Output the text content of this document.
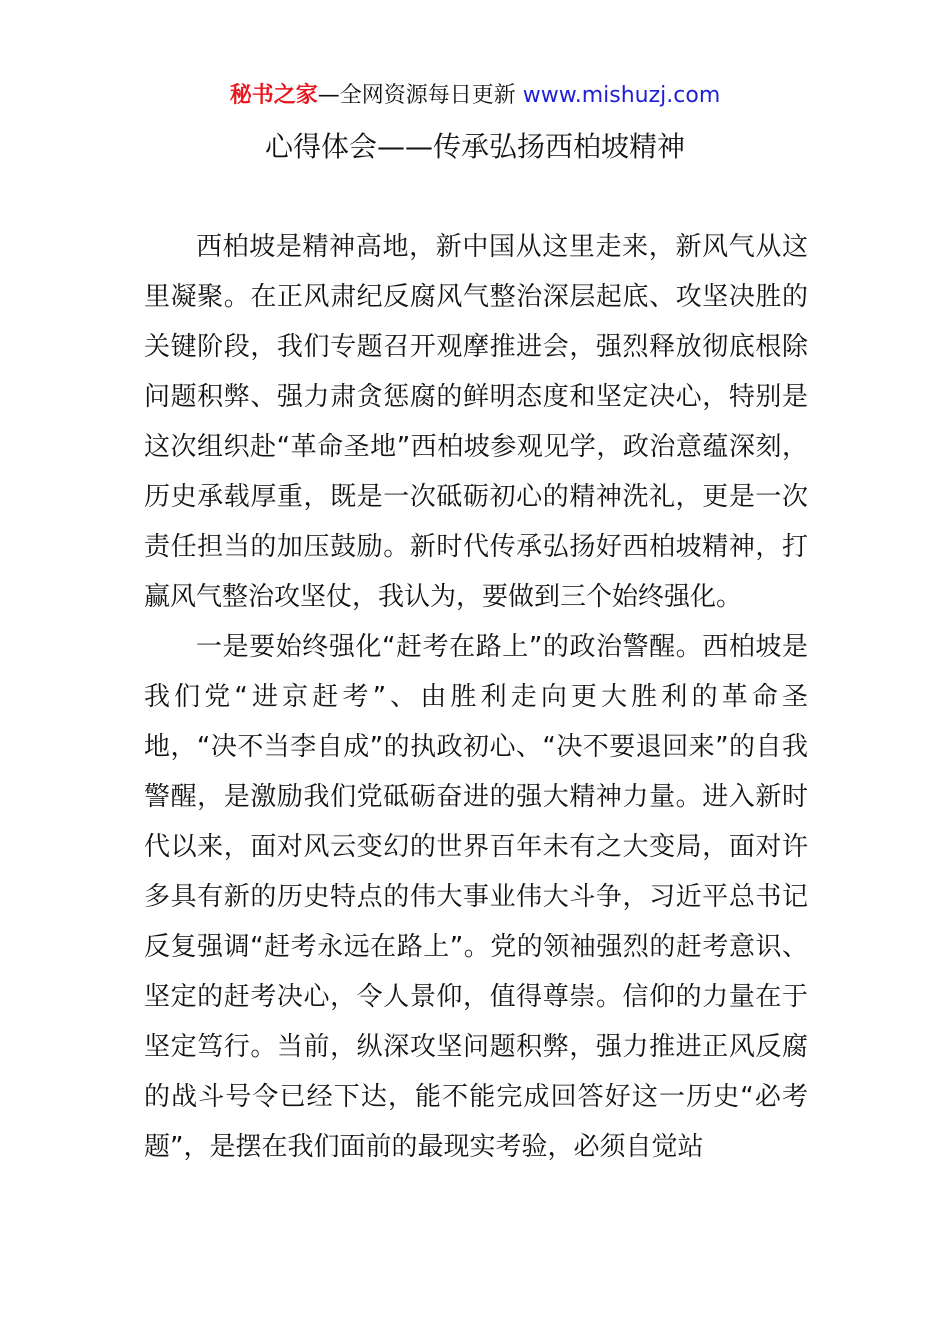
秘书之家—全网资源每日更新 www.mishuzj.com
心得体会——传承弘扬西柏坡精神

西柏坡是精神高地，新中国从这里走来，新风气从这里凝聚。在正风肃纪反腐风气整治深层起底、攻坚决胜的关键阶段，我们专题召开观摩推进会，强烈释放彻底根除问题积弊、强力肃贪惩腐的鲜明态度和坚定决心，特别是这次组织赴“革命圣地”西柏坡参观见学，政治意蕴深刻，历史承载厚重，既是一次砥砺初心的精神洗礼，更是一次责任担当的加压鼓励。新时代传承弘扬好西柏坡精神，打赢风气整治攻坚仗，我认为，要做到三个始终强化。

一是要始终强化“赶考在路上”的政治警醒。西柏坡是我们党“进京赶考”、由胜利走向更大胜利的革命圣地，“决不当李自成”的执政初心、“决不要退回来”的自我警醒，是激励我们党砥砺奋进的强大精神力量。进入新时代以来，面对风云变幻的世界百年未有之大变局，面对许多具有新的历史特点的伟大事业伟大斗争，习近平总书记反复强调“赶考永远在路上”。党的领袖强烈的赶考意识、坚定的赶考决心，令人景仰，值得尊崇。信仰的力量在于坚定笃行。当前，纵深攻坚问题积弊，强力推进正风反腐的战斗号令已经下达，能不能完成回答好这一历史“必考题”，是摆在我们面前的最现实考验，必须自觉站
